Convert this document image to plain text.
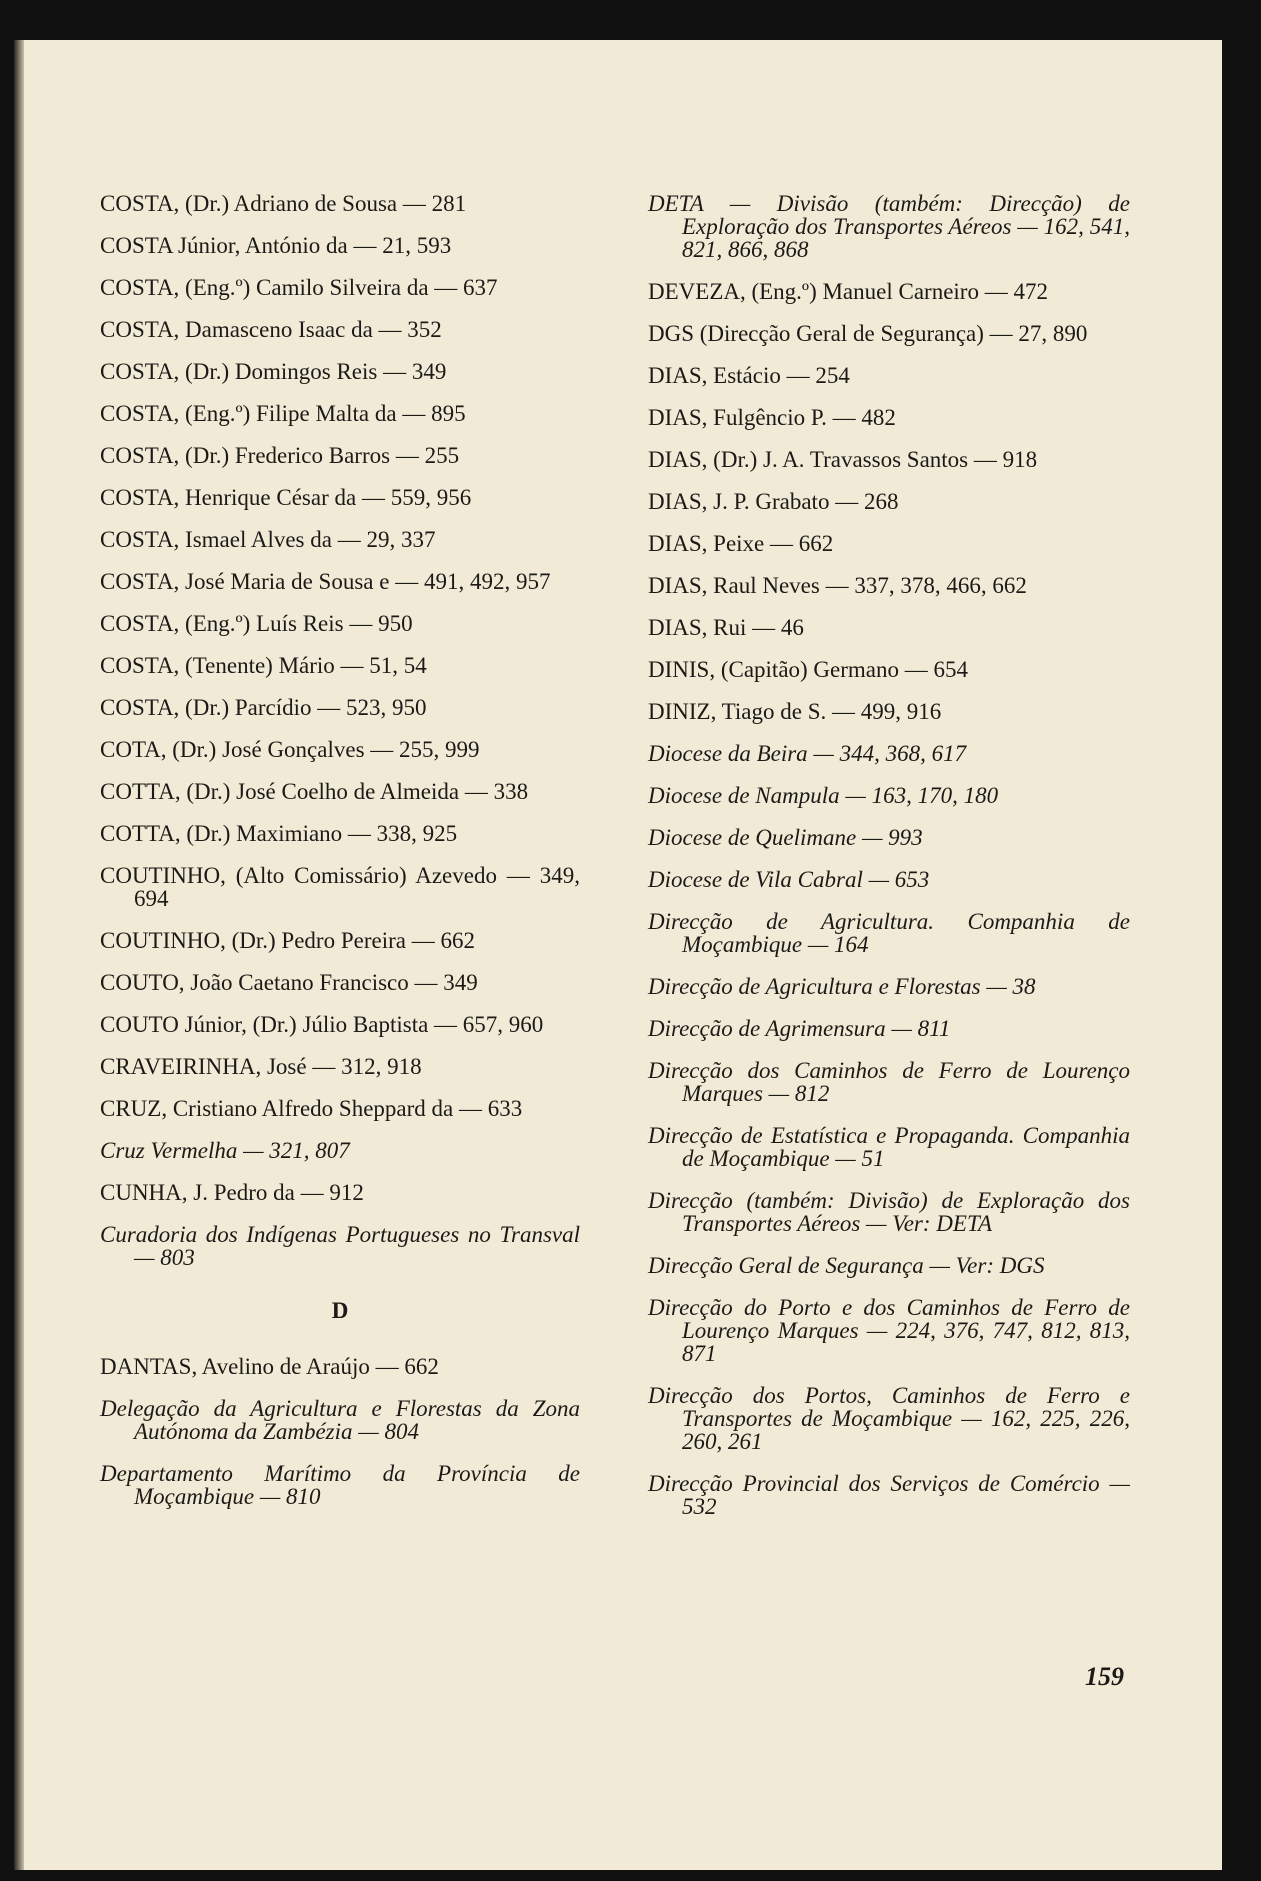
COSTA, (Dr.) Adriano de Sousa — 281
COSTA Júnior, António da — 21, 593
COSTA, (Eng.º) Camilo Silveira da — 637
COSTA, Damasceno Isaac da — 352
COSTA, (Dr.) Domingos Reis — 349
COSTA, (Eng.º) Filipe Malta da — 895
COSTA, (Dr.) Frederico Barros — 255
COSTA, Henrique César da — 559, 956
COSTA, Ismael Alves da — 29, 337
COSTA, José Maria de Sousa e — 491, 492, 957
COSTA, (Eng.º) Luís Reis — 950
COSTA, (Tenente) Mário — 51, 54
COSTA, (Dr.) Parcídio — 523, 950
COTA, (Dr.) José Gonçalves — 255, 999
COTTA, (Dr.) José Coelho de Almeida — 338
COTTA, (Dr.) Maximiano — 338, 925
COUTINHO, (Alto Comissário) Azevedo — 349, 694
COUTINHO, (Dr.) Pedro Pereira — 662
COUTO, João Caetano Francisco — 349
COUTO Júnior, (Dr.) Júlio Baptista — 657, 960
CRAVEIRINHA, José — 312, 918
CRUZ, Cristiano Alfredo Sheppard da — 633
Cruz Vermelha — 321, 807
CUNHA, J. Pedro da — 912
Curadoria dos Indígenas Portugueses no Transval — 803
D
DANTAS, Avelino de Araújo — 662
Delegação da Agricultura e Florestas da Zona Autónoma da Zambézia — 804
Departamento Marítimo da Província de Moçambique — 810
DETA — Divisão (também: Direcção) de Exploração dos Transportes Aéreos — 162, 541, 821, 866, 868
DEVEZA, (Eng.º) Manuel Carneiro — 472
DGS (Direcção Geral de Segurança) — 27, 890
DIAS, Estácio — 254
DIAS, Fulgêncio P. — 482
DIAS, (Dr.) J. A. Travassos Santos — 918
DIAS, J. P. Grabato — 268
DIAS, Peixe — 662
DIAS, Raul Neves — 337, 378, 466, 662
DIAS, Rui — 46
DINIS, (Capitão) Germano — 654
DINIZ, Tiago de S. — 499, 916
Diocese da Beira — 344, 368, 617
Diocese de Nampula — 163, 170, 180
Diocese de Quelimane — 993
Diocese de Vila Cabral — 653
Direcção de Agricultura. Companhia de Moçambique — 164
Direcção de Agricultura e Florestas — 38
Direcção de Agrimensura — 811
Direcção dos Caminhos de Ferro de Lourenço Marques — 812
Direcção de Estatística e Propaganda. Companhia de Moçambique — 51
Direcção (também: Divisão) de Exploração dos Transportes Aéreos — Ver: DETA
Direcção Geral de Segurança — Ver: DGS
Direcção do Porto e dos Caminhos de Ferro de Lourenço Marques — 224, 376, 747, 812, 813, 871
Direcção dos Portos, Caminhos de Ferro e Transportes de Moçambique — 162, 225, 226, 260, 261
Direcção Provincial dos Serviços de Comércio — 532
159
